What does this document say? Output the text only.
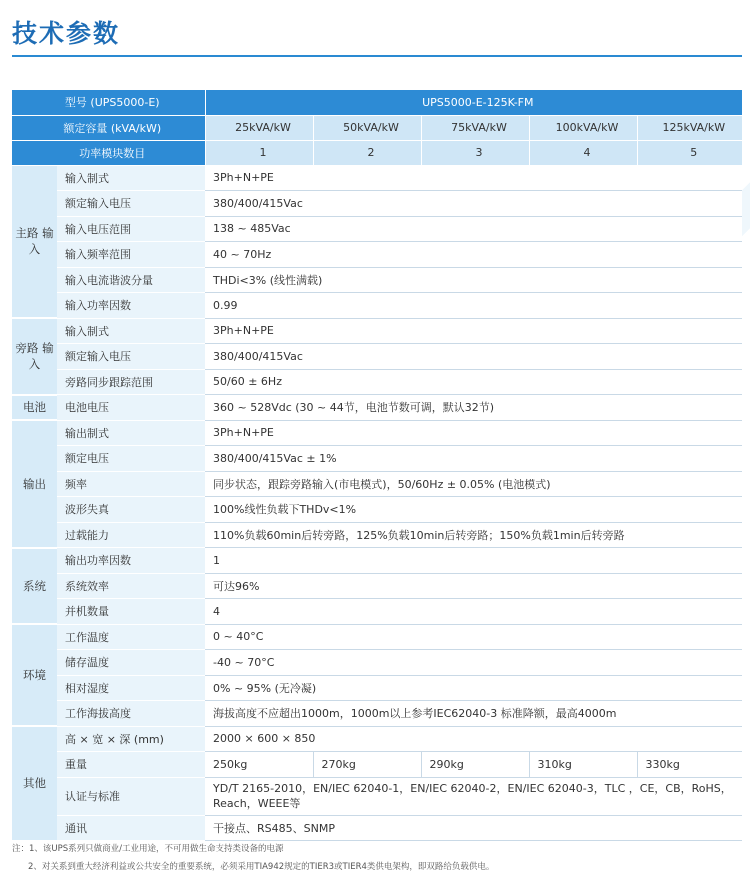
技术参数
型号 (UPS5000-E)		UPS5000-E-125K-FM				
额定容量 (kVA/kW)		25kVA/kW	50kVA/kW	75kVA/kW	100kVA/kW	125kVA/kW
功率模块数目		1	2	3	4	5
主路 输入	输入制式	3Ph+N+PE				
	额定输入电压	380/400/415Vac				
	输入电压范围	138 ~ 485Vac				
	输入频率范围	40 ~ 70Hz				
	输入电流谐波分量	THDi<3% (线性满载)				
	输入功率因数	0.99				
旁路 输入	输入制式	3Ph+N+PE				
	额定输入电压	380/400/415Vac				
	旁路同步跟踪范围	50/60 ± 6Hz				
电池	电池电压	360 ~ 528Vdc (30 ~ 44节，电池节数可调，默认32节)				
输出	输出制式	3Ph+N+PE				
	额定电压	380/400/415Vac ± 1%				
	频率	同步状态，跟踪旁路输入(市电模式)，50/60Hz ± 0.05% (电池模式)				
	波形失真	100%线性负载下THDv<1%				
	过载能力	110%负载60min后转旁路，125%负载10min后转旁路；150%负载1min后转旁路				
系统	输出功率因数	1				
	系统效率	可达96%				
	并机数量	4				
环境	工作温度	0 ~ 40°C				
	储存温度	-40 ~ 70°C				
	相对湿度	0% ~ 95% (无冷凝)				
	工作海拔高度	海拔高度不应超出1000m，1000m以上参考IEC62040-3 标准降额，最高4000m				
其他	高 × 宽 × 深 (mm)	2000 × 600 × 850				
	重量	250kg	270kg	290kg	310kg	330kg
	认证与标准	YD/T 2165-2010，EN/IEC 62040-1，EN/IEC 62040-2，EN/IEC 62040-3，TLC ，CE，CB，RoHS，Reach，WEEE等				
	通讯	干接点、RS485、SNMP				
注：1、该UPS系列只做商业/工业用途，不可用做生命支持类设备的电源
2、对关系到重大经济利益或公共安全的重要系统，必须采用TIA942规定的TIER3或TIER4类供电架构，即双路给负载供电。
